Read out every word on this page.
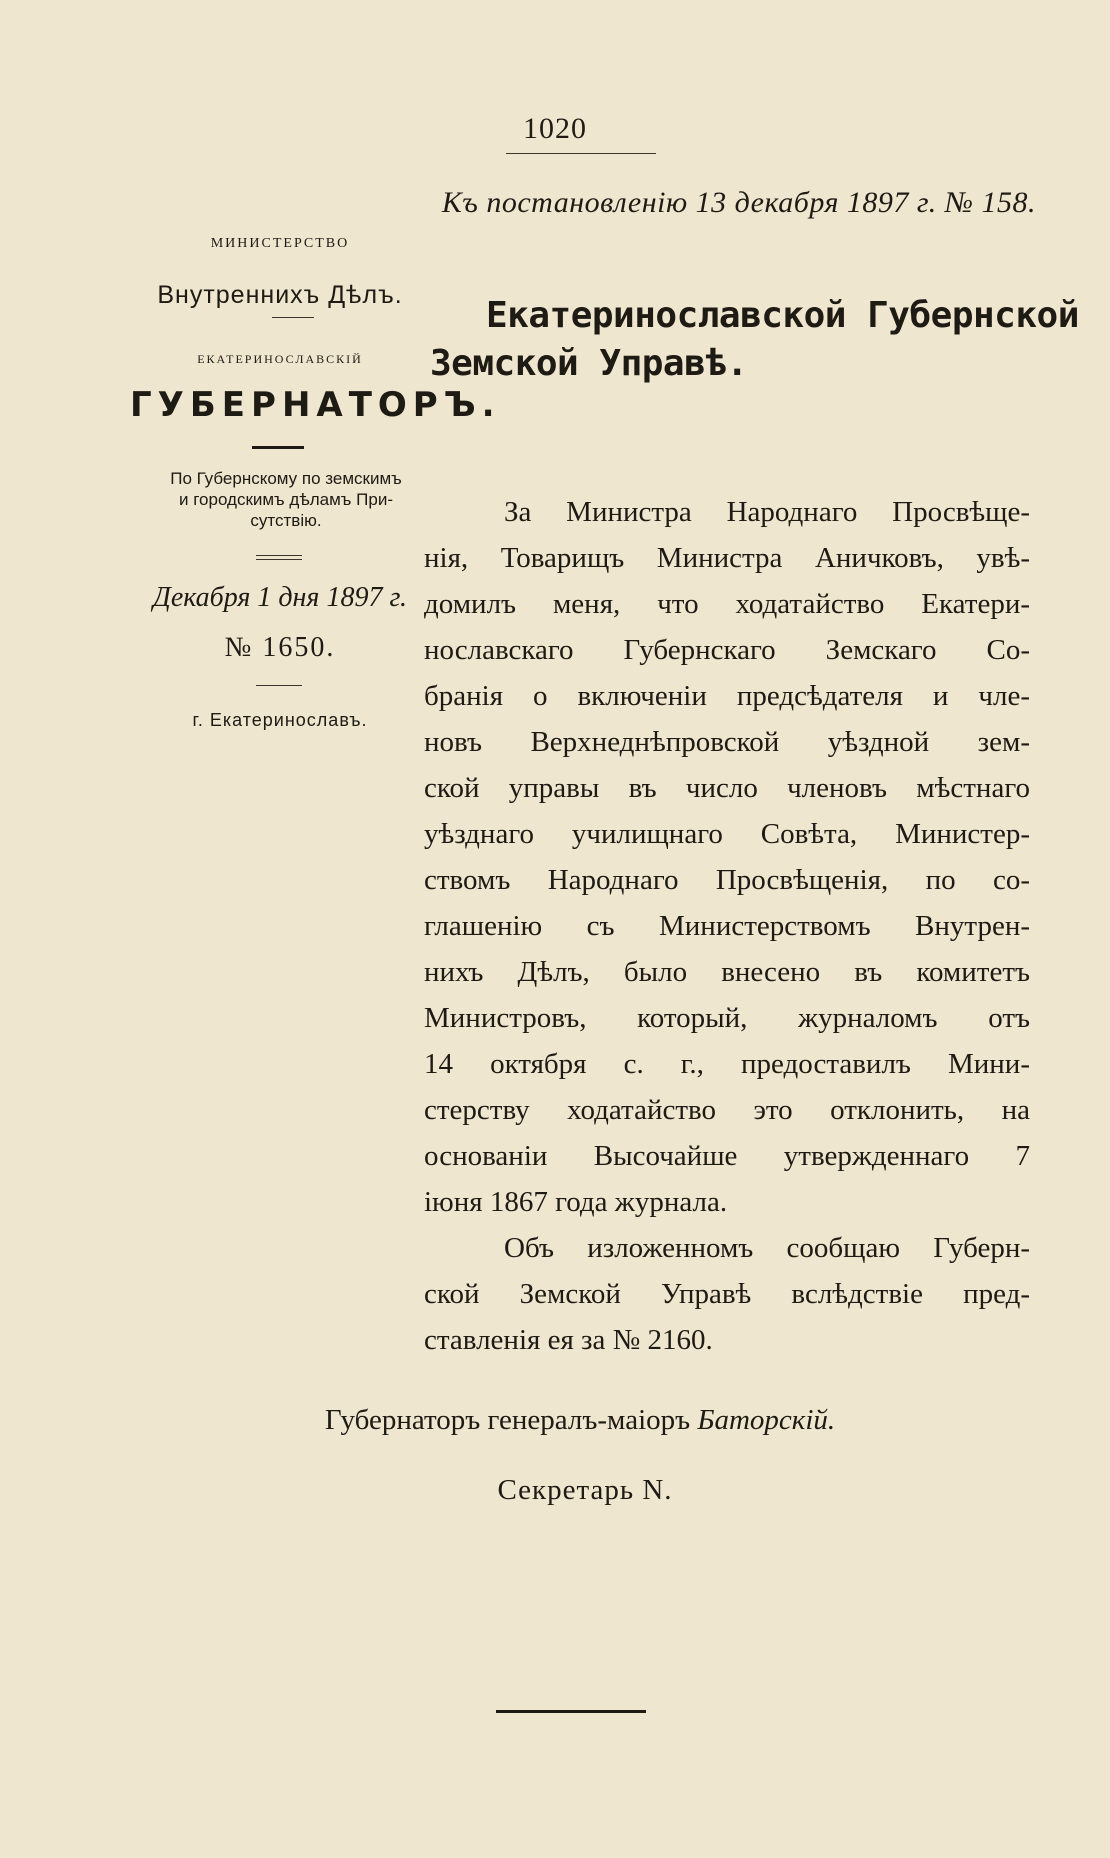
1020
Къ постановленію 13 декабря 1897 г. № 158.
министерство
Внутреннихъ Дѣлъ.
екатеринославскій
ГУБЕРНАТОРЪ.
По Губернскому по земскимъ
и городскимъ дѣламъ При-
сутствію.
Декабря 1 дня 1897 г.
№ 1650.
г. Екатеринославъ.
Екатеринославской Губернской
Земской Управѣ.
За Министра Народнаго Просвѣще-
нія, Товарищъ Министра Аничковъ, увѣ-
домилъ меня, что ходатайство Екатери-
нославскаго Губернскаго Земскаго Со-
бранія о включеніи предсѣдателя и чле-
новъ Верхнеднѣпровской уѣздной зем-
ской управы въ число членовъ мѣстнаго
уѣзднаго училищнаго Совѣта, Министер-
ствомъ Народнаго Просвѣщенія, по со-
глашенію съ Министерствомъ Внутрен-
нихъ Дѣлъ, было внесено въ комитетъ
Министровъ, который, журналомъ отъ
14 октября с. г., предоставилъ Мини-
стерству ходатайство это отклонить, на
основаніи Высочайше утвержденнаго 7
іюня 1867 года журнала.
Объ изложенномъ сообщаю Губерн-
ской Земской Управѣ вслѣдствіе пред-
ставленія ея за № 2160.
Губернаторъ генералъ-маіоръ Баторскій.
Секретарь N.
